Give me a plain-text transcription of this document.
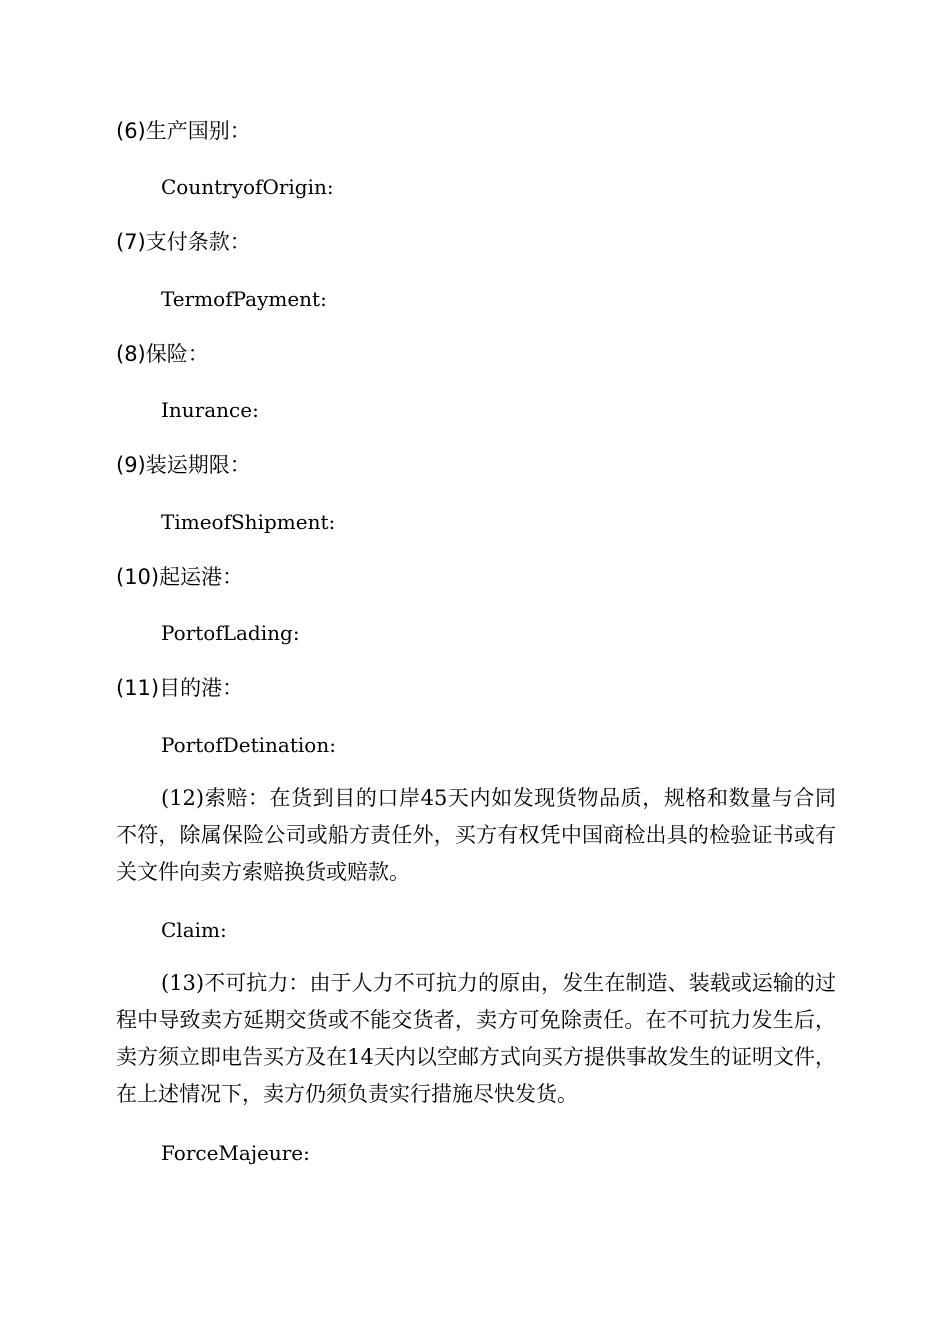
(6)生产国别：
CountryofOrigin:
(7)支付条款：
TermofPayment:
(8)保险：
Inurance:
(9)装运期限：
TimeofShipment:
(10)起运港：
PortofLading:
(11)目的港：
PortofDetination:

(12)索赔：在货到目的口岸45天内如发现货物品质，规格和数量与合同不符，除属保险公司或船方责任外，买方有权凭中国商检出具的检验证书或有关文件向卖方索赔换货或赔款。

Claim:

(13)不可抗力：由于人力不可抗力的原由，发生在制造、装载或运输的过程中导致卖方延期交货或不能交货者，卖方可免除责任。在不可抗力发生后，卖方须立即电告买方及在14天内以空邮方式向买方提供事故发生的证明文件，在上述情况下，卖方仍须负责实行措施尽快发货。

ForceMajeure:
